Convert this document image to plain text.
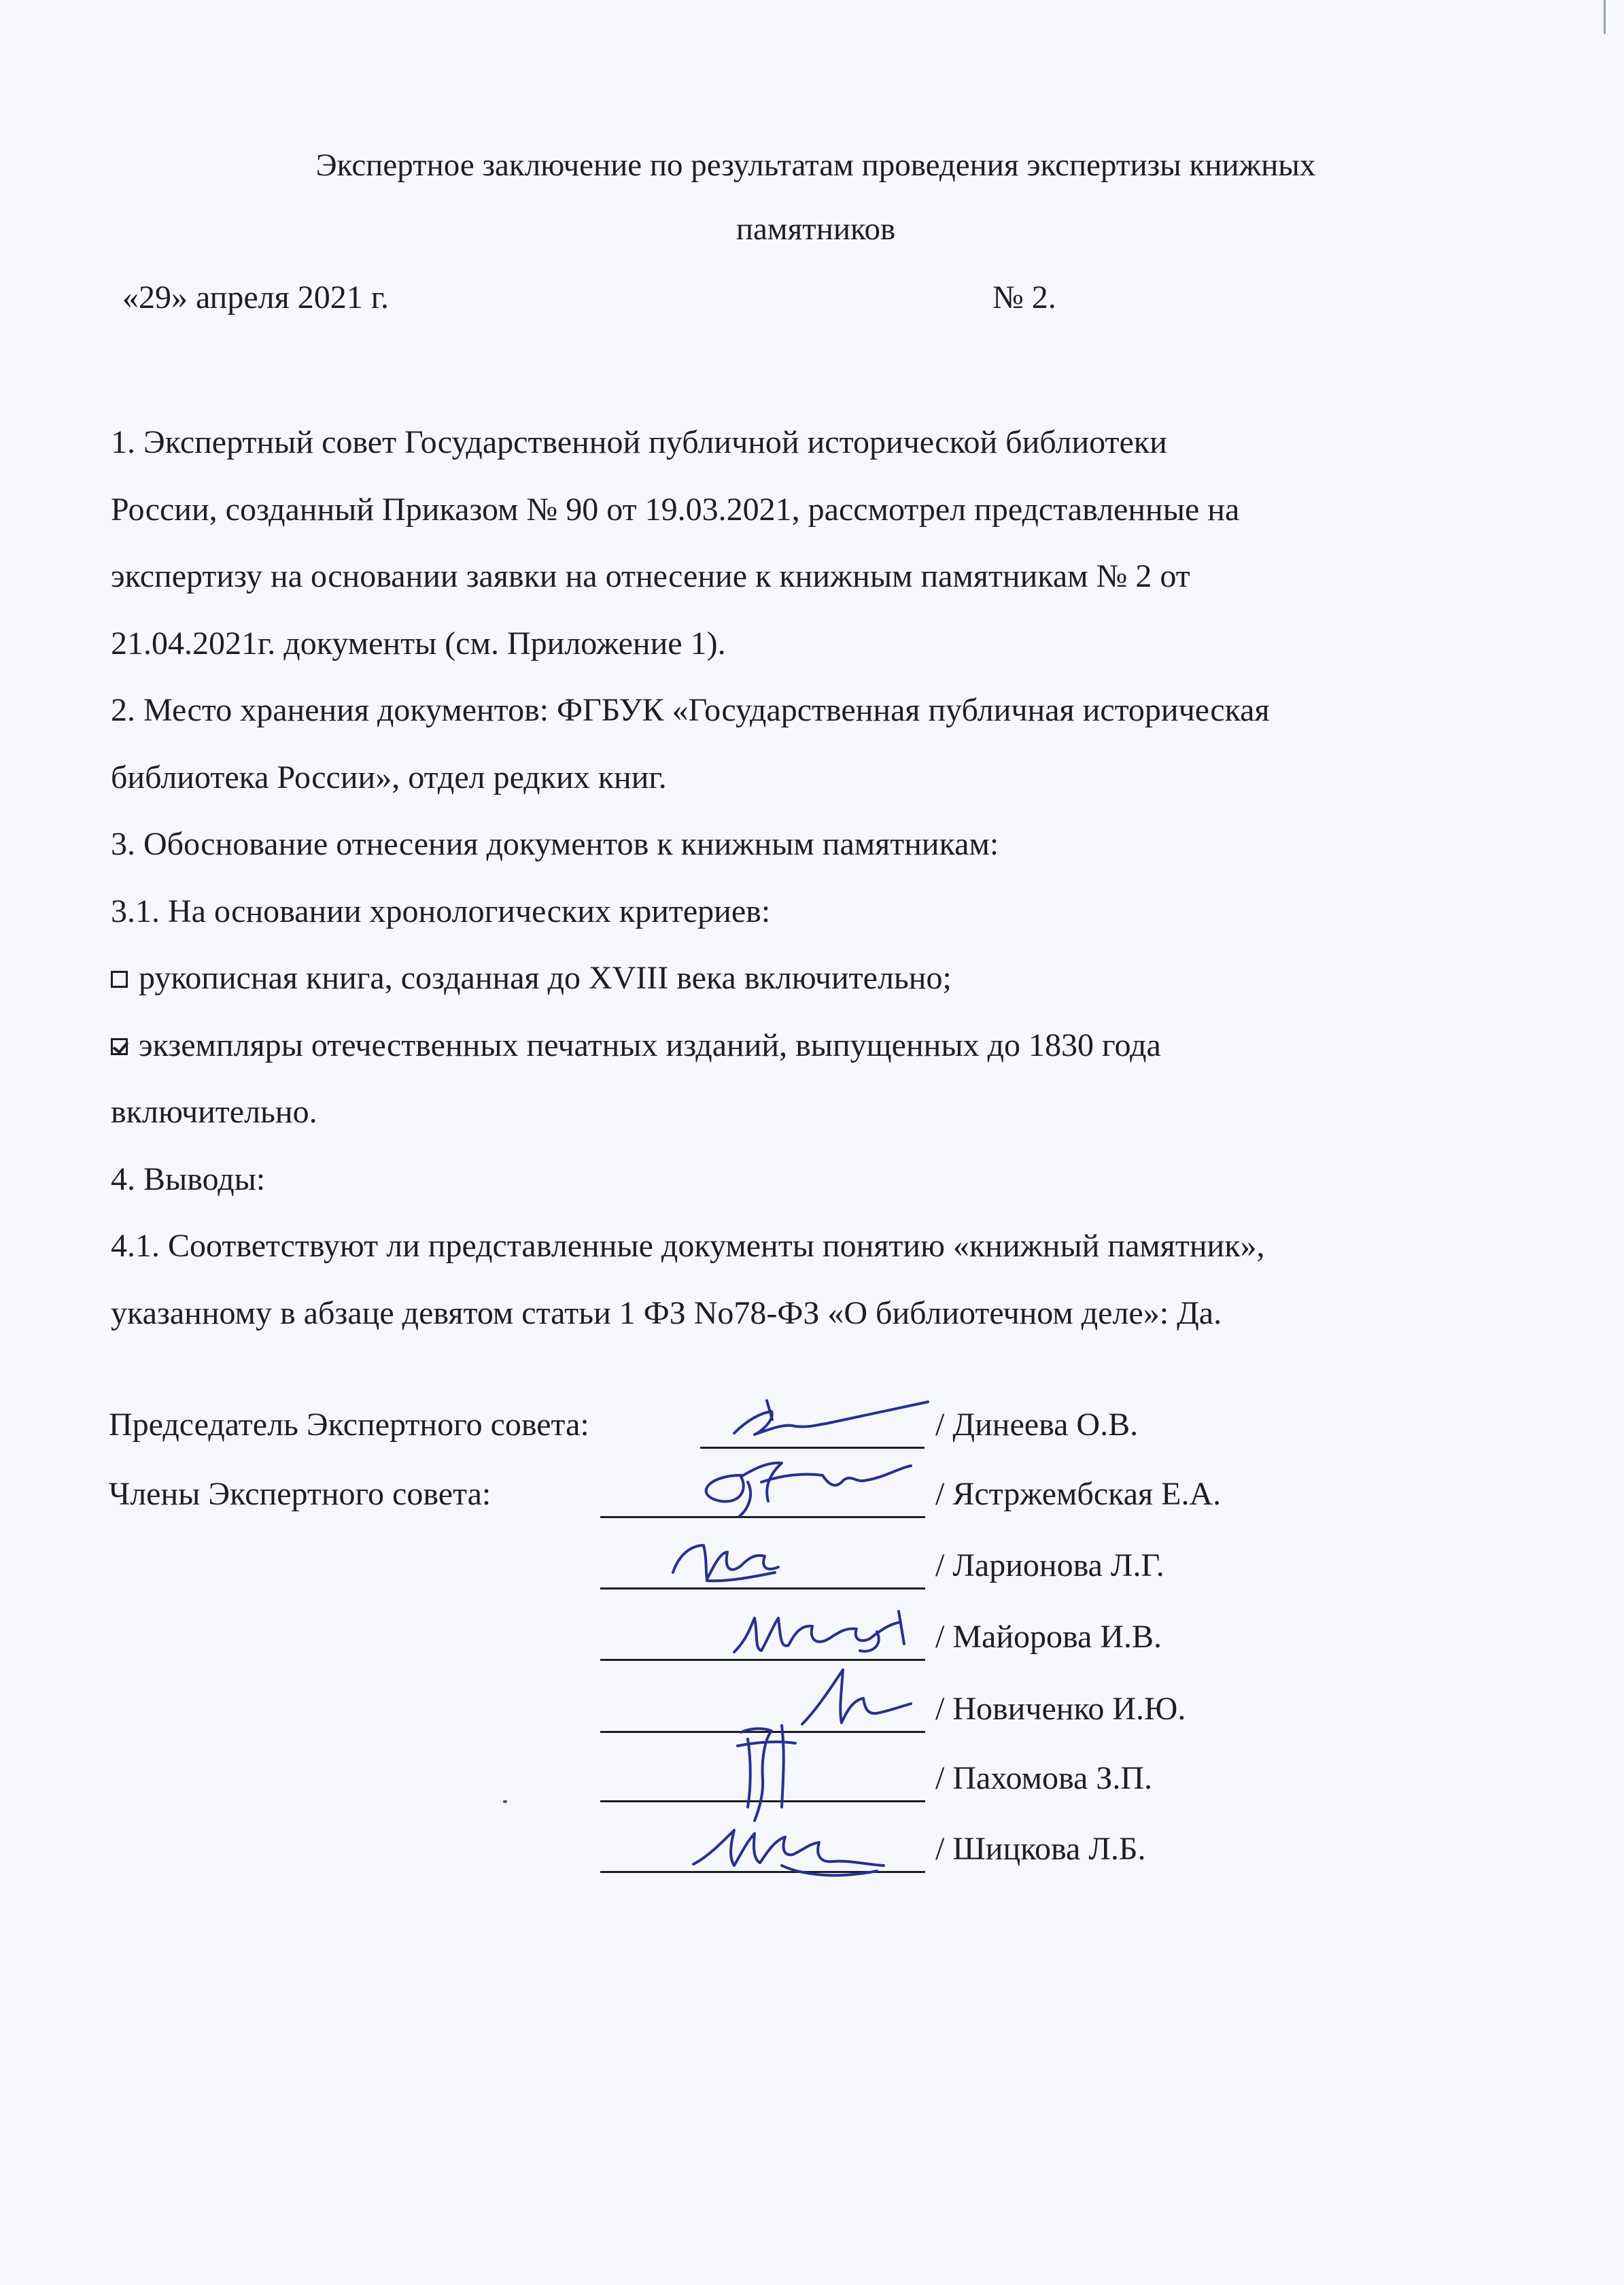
Экспертное заключение по результатам проведения экспертизы книжных
памятников
«29» апреля 2021 г.	№ 2.

1. Экспертный совет Государственной публичной исторической библиотеки

России, созданный Приказом № 90 от 19.03.2021, рассмотрел представленные на

экспертизу на основании заявки на отнесение к книжным памятникам № 2 от

21.04.2021г. документы (см. Приложение 1).

2. Место хранения документов: ФГБУК «Государственная публичная историческая

библиотека России», отдел редких книг.

3. Обоснование отнесения документов к книжным памятникам:

3.1. На основании хронологических критериев:

рукописная книга, созданная до XVIII века включительно;

экземпляры отечественных печатных изданий, выпущенных до 1830 года

включительно.

4. Выводы:

4.1. Соответствуют ли представленные документы понятию «книжный памятник»,

указанному в абзаце девятом статьи 1 ФЗ No78-ФЗ «О библиотечном деле»: Да.

Председатель Экспертного совета:	/ Динеева О.В.
Члены Экспертного совета:	/ Ястржембская Е.А.
/ Ларионова Л.Г.
/ Майорова И.В.
/ Новиченко И.Ю.
/ Пахомова З.П.
/ Шицкова Л.Б.
